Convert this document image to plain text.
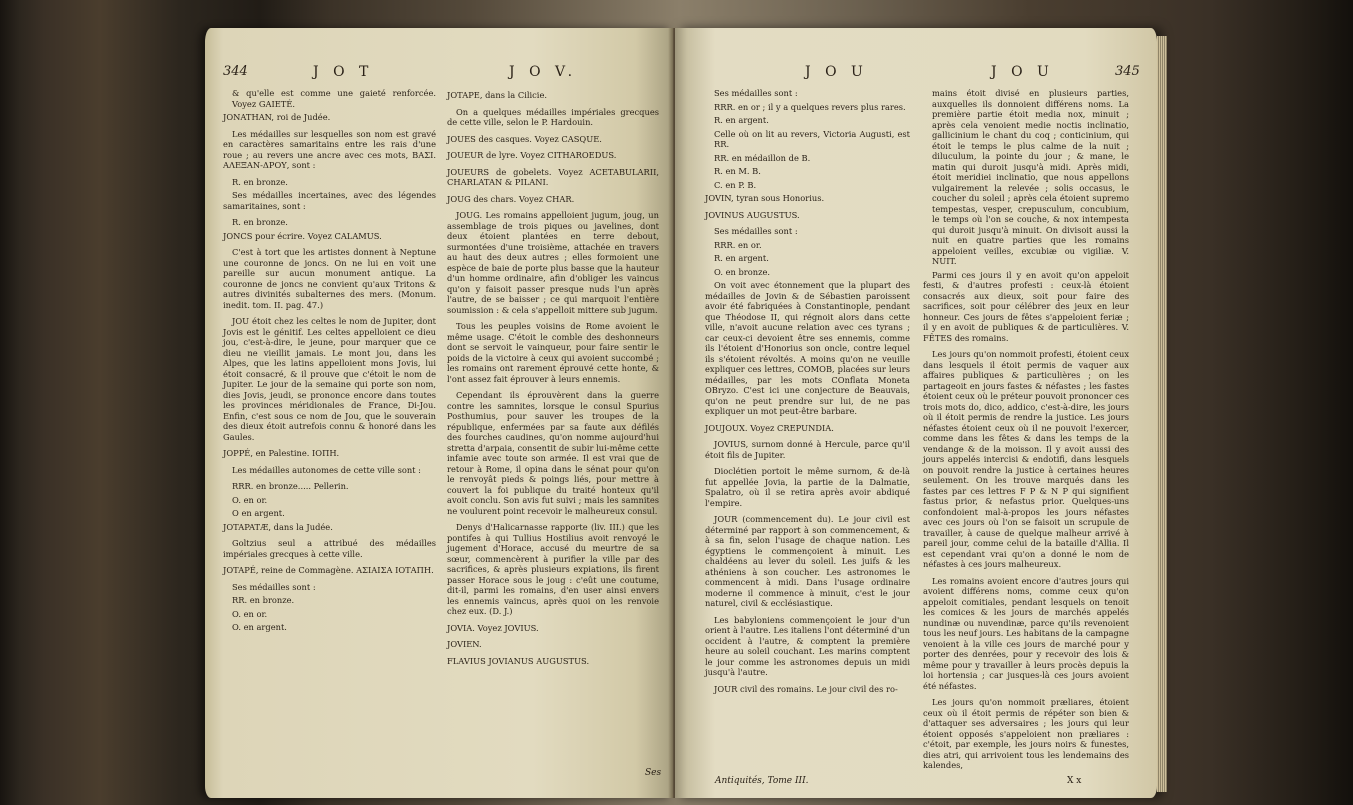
344	J O T	J O V.

& qu'elle est comme une gaieté renforcée. Voyez GAIETÉ.

JONATHAN, roi de Judée.

Les médailles sur lesquelles son nom est gravé en caractères samaritains entre les rais d'une roue ; au revers une ancre avec ces mots, BAΣI. AΛEΞAN-ΔΡΟΥ, sont :

R. en bronze.

Ses médailles incertaines, avec des légendes samaritaines, sont :

R. en bronze.

JONCS pour écrire. Voyez CALAMUS.

C'est à tort que les artistes donnent à Neptune une couronne de joncs. On ne lui en voit une pareille sur aucun monument antique. La couronne de joncs ne convient qu'aux Tritons & autres divinités subalternes des mers. (Monum. inedit. tom. II. pag. 47.)

JOU étoit chez les celtes le nom de Jupiter, dont Jovis est le génitif. Les celtes appelloient ce dieu jou, c'est-à-dire, le jeune, pour marquer que ce dieu ne vieillit jamais. Le mont jou, dans les Alpes, que les latins appelloient mons Jovis, lui étoit consacré, & il prouve que c'étoit le nom de Jupiter. Le jour de la semaine qui porte son nom, dies Jovis, jeudi, se prononce encore dans toutes les provinces méridionales de France, Di-Jou. Enfin, c'est sous ce nom de Jou, que le souverain des dieux étoit autrefois connu & honoré dans les Gaules.

JOPPÉ, en Palestine. ΙΟΠΗ.

Les médailles autonomes de cette ville sont :

RRR. en bronze..... Pellerin.

O. en or.

O en argent.

JOTAPATÆ, dans la Judée.

Goltzius seul a attribué des médailles impériales grecques à cette ville.

JOTAPÉ, reine de Commagène. ΑΣΙΑΙΣΑ ΙΟΤΑΠΗ.

Ses médailles sont :

RR. en bronze.

O. en or.

O. en argent.

JOTAPE, dans la Cilicie.

On a quelques médailles impériales grecques de cette ville, selon le P. Hardouin.

JOUES des casques. Voyez CASQUE.

JOUEUR de lyre. Voyez CITHAROEDUS.

JOUEURS de gobelets. Voyez ACETABULARII, CHARLATAN & PILANI.

JOUG des chars. Voyez CHAR.

JOUG. Les romains appelloient jugum, joug, un assemblage de trois piques ou javelines, dont deux étoient plantées en terre debout, surmontées d'une troisième, attachée en travers au haut des deux autres ; elles formoient une espèce de baie de porte plus basse que la hauteur d'un homme ordinaire, afin d'obliger les vaincus qu'on y faisoit passer presque nuds l'un après l'autre, de se baisser ; ce qui marquoit l'entière soumission : & cela s'appelloit mittere sub jugum.

Tous les peuples voisins de Rome avoient le même usage. C'étoit le comble des deshonneurs dont se servoit le vainqueur, pour faire sentir le poids de la victoire à ceux qui avoient succombé ; les romains ont rarement éprouvé cette honte, & l'ont assez fait éprouver à leurs ennemis.

Cependant ils éprouvèrent dans la guerre contre les samnites, lorsque le consul Spurius Posthumius, pour sauver les troupes de la république, enfermées par sa faute aux défilés des fourches caudines, qu'on nomme aujourd'hui stretta d'arpaia, consentit de subir lui-même cette infamie avec toute son armée. Il est vrai que de retour à Rome, il opina dans le sénat pour qu'on le renvoyât pieds & poings liés, pour mettre à couvert la foi publique du traité honteux qu'il avoit conclu. Son avis fut suivi ; mais les samnites ne voulurent point recevoir le malheureux consul.

Denys d'Halicarnasse rapporte (liv. III.) que les pontifes à qui Tullius Hostilius avoit renvoyé le jugement d'Horace, accusé du meurtre de sa sœur, commencèrent à purifier la ville par des sacrifices, & après plusieurs expiations, ils firent passer Horace sous le joug : c'eût une coutume, dit-il, parmi les romains, d'en user ainsi envers les ennemis vaincus, après quoi on les renvoie chez eux. (D. J.)

JOVIA. Voyez JOVIUS.

JOVIEN.

FLAVIUS JOVIANUS AUGUSTUS.

Ses
J O U	J O U	345

Ses médailles sont :

RRR. en or ; il y a quelques revers plus rares.

R. en argent.

Celle où on lit au revers, Victoria Augusti, est RR.

RR. en médaillon de B.

R. en M. B.

C. en P. B.

JOVIN, tyran sous Honorius.

JOVINUS AUGUSTUS.

Ses médailles sont :

RRR. en or.

R. en argent.

O. en bronze.

On voit avec étonnement que la plupart des médailles de Jovin & de Sébastien paroissent avoir été fabriquées à Constantinople, pendant que Théodose II, qui régnoit alors dans cette ville, n'avoit aucune relation avec ces tyrans ; car ceux-ci devoient être ses ennemis, comme ils l'étoient d'Honorius son oncle, contre lequel ils s'étoient révoltés. A moins qu'on ne veuille expliquer ces lettres, COMOB, placées sur leurs médailles, par les mots COnflata Moneta OBryzo. C'est ici une conjecture de Beauvais, qu'on ne peut prendre sur lui, de ne pas expliquer un mot peut-être barbare.

JOUJOUX. Voyez CREPUNDIA.

JOVIUS, surnom donné à Hercule, parce qu'il étoit fils de Jupiter.

Dioclétien portoit le même surnom, & de-là fut appellée Jovia, la partie de la Dalmatie, Spalatro, où il se retira après avoir abdiqué l'empire.

JOUR (commencement du). Le jour civil est déterminé par rapport à son commencement, & à sa fin, selon l'usage de chaque nation. Les égyptiens le commençoient à minuit. Les chaldéens au lever du soleil. Les juifs & les athéniens à son coucher. Les astronomes le commencent à midi. Dans l'usage ordinaire moderne il commence à minuit, c'est le jour naturel, civil & ecclésiastique.

Les babyloniens commençoient le jour d'un orient à l'autre. Les italiens l'ont déterminé d'un occident à l'autre, & comptent la première heure au soleil couchant. Les marins comptent le jour comme les astronomes depuis un midi jusqu'à l'autre.

JOUR civil des romains. Le jour civil des ro-

mains étoit divisé en plusieurs parties, auxquelles ils donnoient différens noms. La première partie étoit media nox, minuit ; après cela venoient medie noctis inclinatio, gallicinium le chant du coq ; conticinium, qui étoit le temps le plus calme de la nuit ; diluculum, la pointe du jour ; & mane, le matin qui duroit jusqu'à midi. Après midi, étoit meridiei inclinatio, que nous appellons vulgairement la relevée ; solis occasus, le coucher du soleil ; après cela étoient supremo tempestas, vesper, crepusculum, concubium, le temps où l'on se couche, & nox intempesta qui duroit jusqu'à minuit. On divisoit aussi la nuit en quatre parties que les romains appeloient veilles, excubiæ ou vigiliæ. V. NUIT.

Parmi ces jours il y en avoit qu'on appeloit festi, & d'autres profesti : ceux-là étoient consacrés aux dieux, soit pour faire des sacrifices, soit pour célébrer des jeux en leur honneur. Ces jours de fêtes s'appeloient feriæ ; il y en avoit de publiques & de particulières. V. FÊTES des romains.

Les jours qu'on nommoit profesti, étoient ceux dans lesquels il étoit permis de vaquer aux affaires publiques & particulières ; on les partageoit en jours fastes & néfastes ; les fastes étoient ceux où le préteur pouvoit prononcer ces trois mots do, dico, addico, c'est-à-dire, les jours où il étoit permis de rendre la justice. Les jours néfastes étoient ceux où il ne pouvoit l'exercer, comme dans les fêtes & dans les temps de la vendange & de la moisson. Il y avoit aussi des jours appelés intercisi & endotifi, dans lesquels on pouvoit rendre la justice à certaines heures seulement. On les trouve marqués dans les fastes par ces lettres F P & N P qui signifient fastus prior, & nefastus prior. Quelques-uns confondoient mal-à-propos les jours néfastes avec ces jours où l'on se faisoit un scrupule de travailler, à cause de quelque malheur arrivé à pareil jour, comme celui de la bataille d'Allia. Il est cependant vrai qu'on a donné le nom de néfastes à ces jours malheureux.

Les romains avoient encore d'autres jours qui avoient différens noms, comme ceux qu'on appeloit comitiales, pendant lesquels on tenoit les comices & les jours de marchés appelés nundinæ ou nuvendinæ, parce qu'ils revenoient tous les neuf jours. Les habitans de la campagne venoient à la ville ces jours de marché pour y porter des denrées, pour y recevoir des lois & même pour y travailler à leurs procès depuis la loi hortensia ; car jusques-là ces jours avoient été néfastes.

Les jours qu'on nommoit præliares, étoient ceux où il étoit permis de répéter son bien & d'attaquer ses adversaires ; les jours qui leur étoient opposés s'appeloient non præliares : c'étoit, par exemple, les jours noirs & funestes, dies atri, qui arrivoient tous les lendemains des kalendes,

Antiquités, Tome III.	X x
